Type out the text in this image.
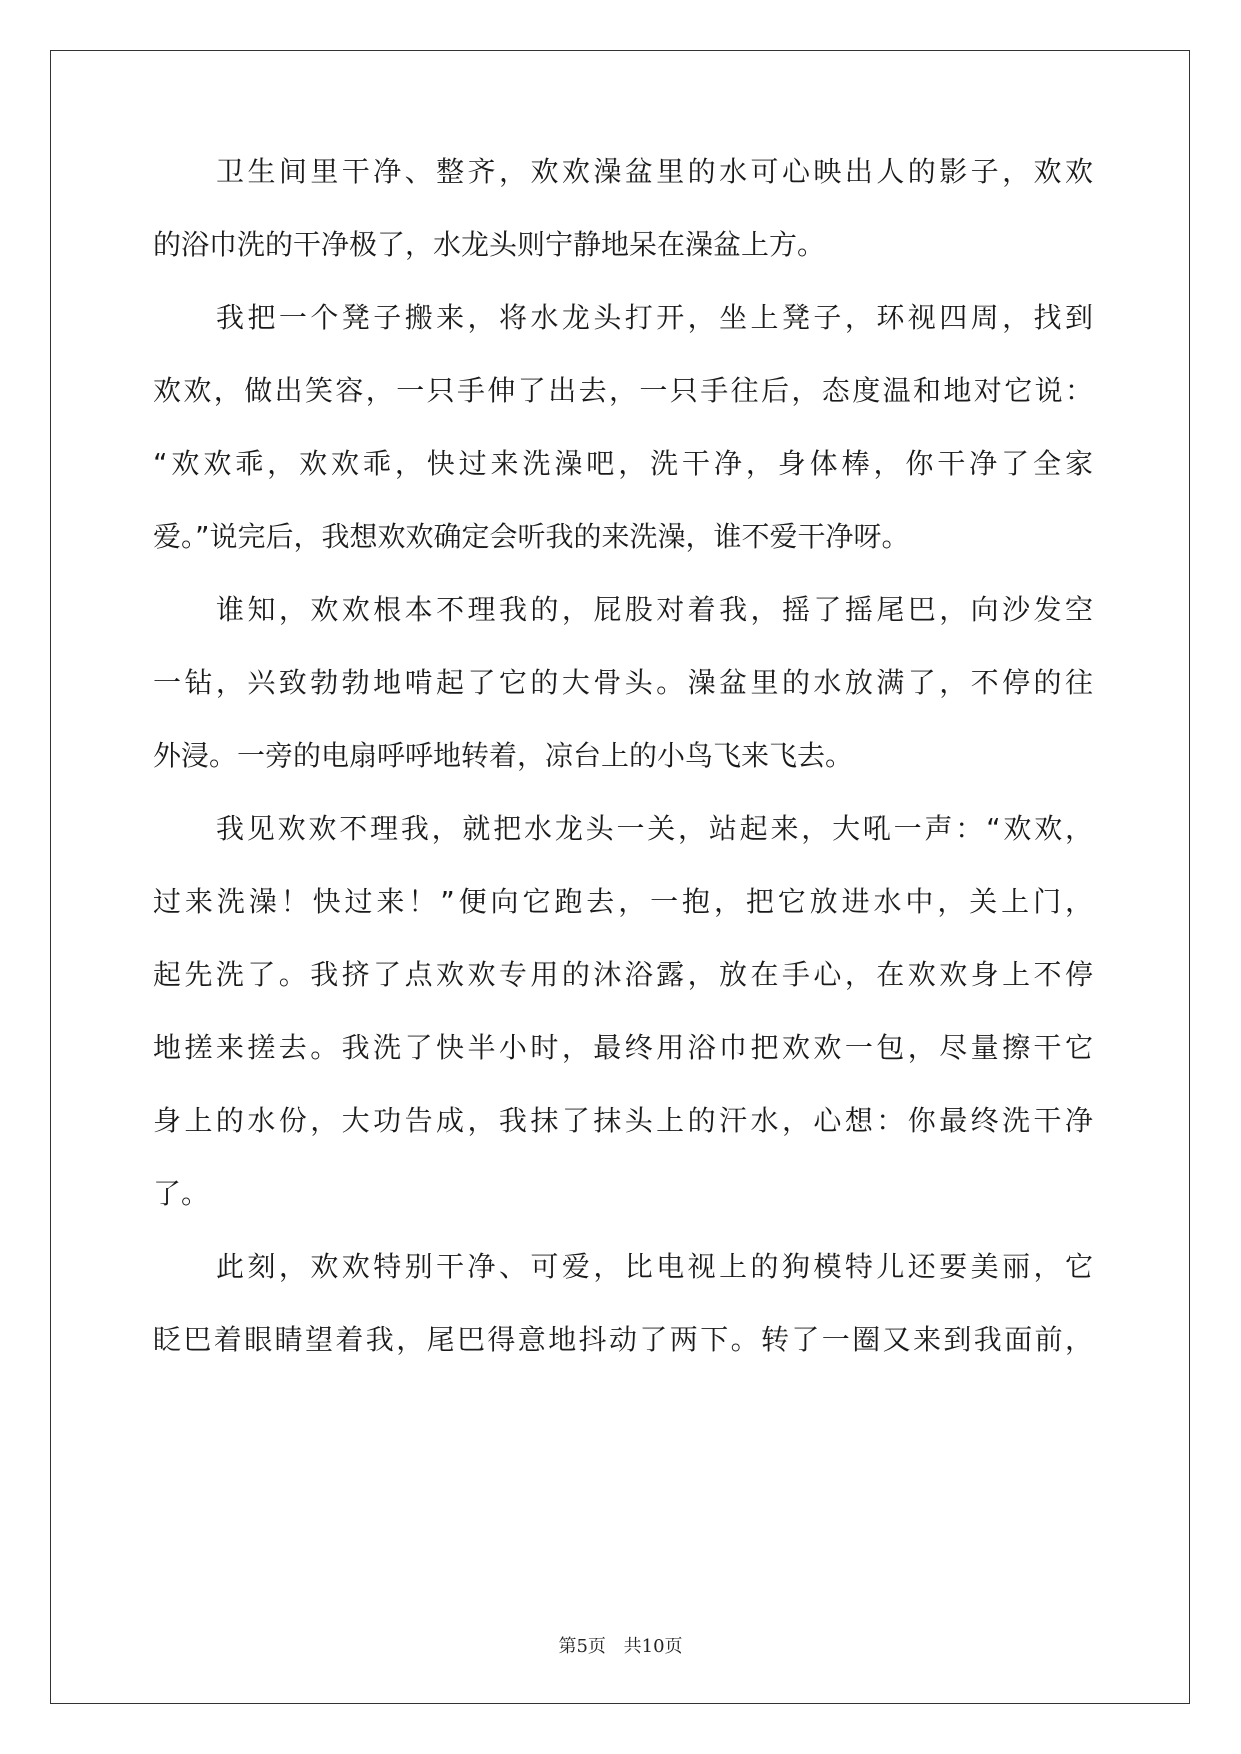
卫生间里干净、整齐，欢欢澡盆里的水可心映出人的影子，欢欢
的浴巾洗的干净极了，水龙头则宁静地呆在澡盆上方。
我把一个凳子搬来，将水龙头打开，坐上凳子，环视四周，找到
欢欢，做出笑容，一只手伸了出去，一只手往后，态度温和地对它说：
“欢欢乖，欢欢乖，快过来洗澡吧，洗干净，身体棒，你干净了全家
爱。”说完后，我想欢欢确定会听我的来洗澡，谁不爱干净呀。
谁知，欢欢根本不理我的，屁股对着我，摇了摇尾巴，向沙发空
一钻，兴致勃勃地啃起了它的大骨头。澡盆里的水放满了，不停的往
外浸。一旁的电扇呼呼地转着，凉台上的小鸟飞来飞去。
我见欢欢不理我，就把水龙头一关，站起来，大吼一声：“欢欢，
过来洗澡！快过来！”便向它跑去，一抱，把它放进水中，关上门，
起先洗了。我挤了点欢欢专用的沐浴露，放在手心，在欢欢身上不停
地搓来搓去。我洗了快半小时，最终用浴巾把欢欢一包，尽量擦干它
身上的水份，大功告成，我抹了抹头上的汗水，心想：你最终洗干净
了。
此刻，欢欢特别干净、可爱，比电视上的狗模特儿还要美丽，它
眨巴着眼睛望着我，尾巴得意地抖动了两下。转了一圈又来到我面前，
第5页 共10页
